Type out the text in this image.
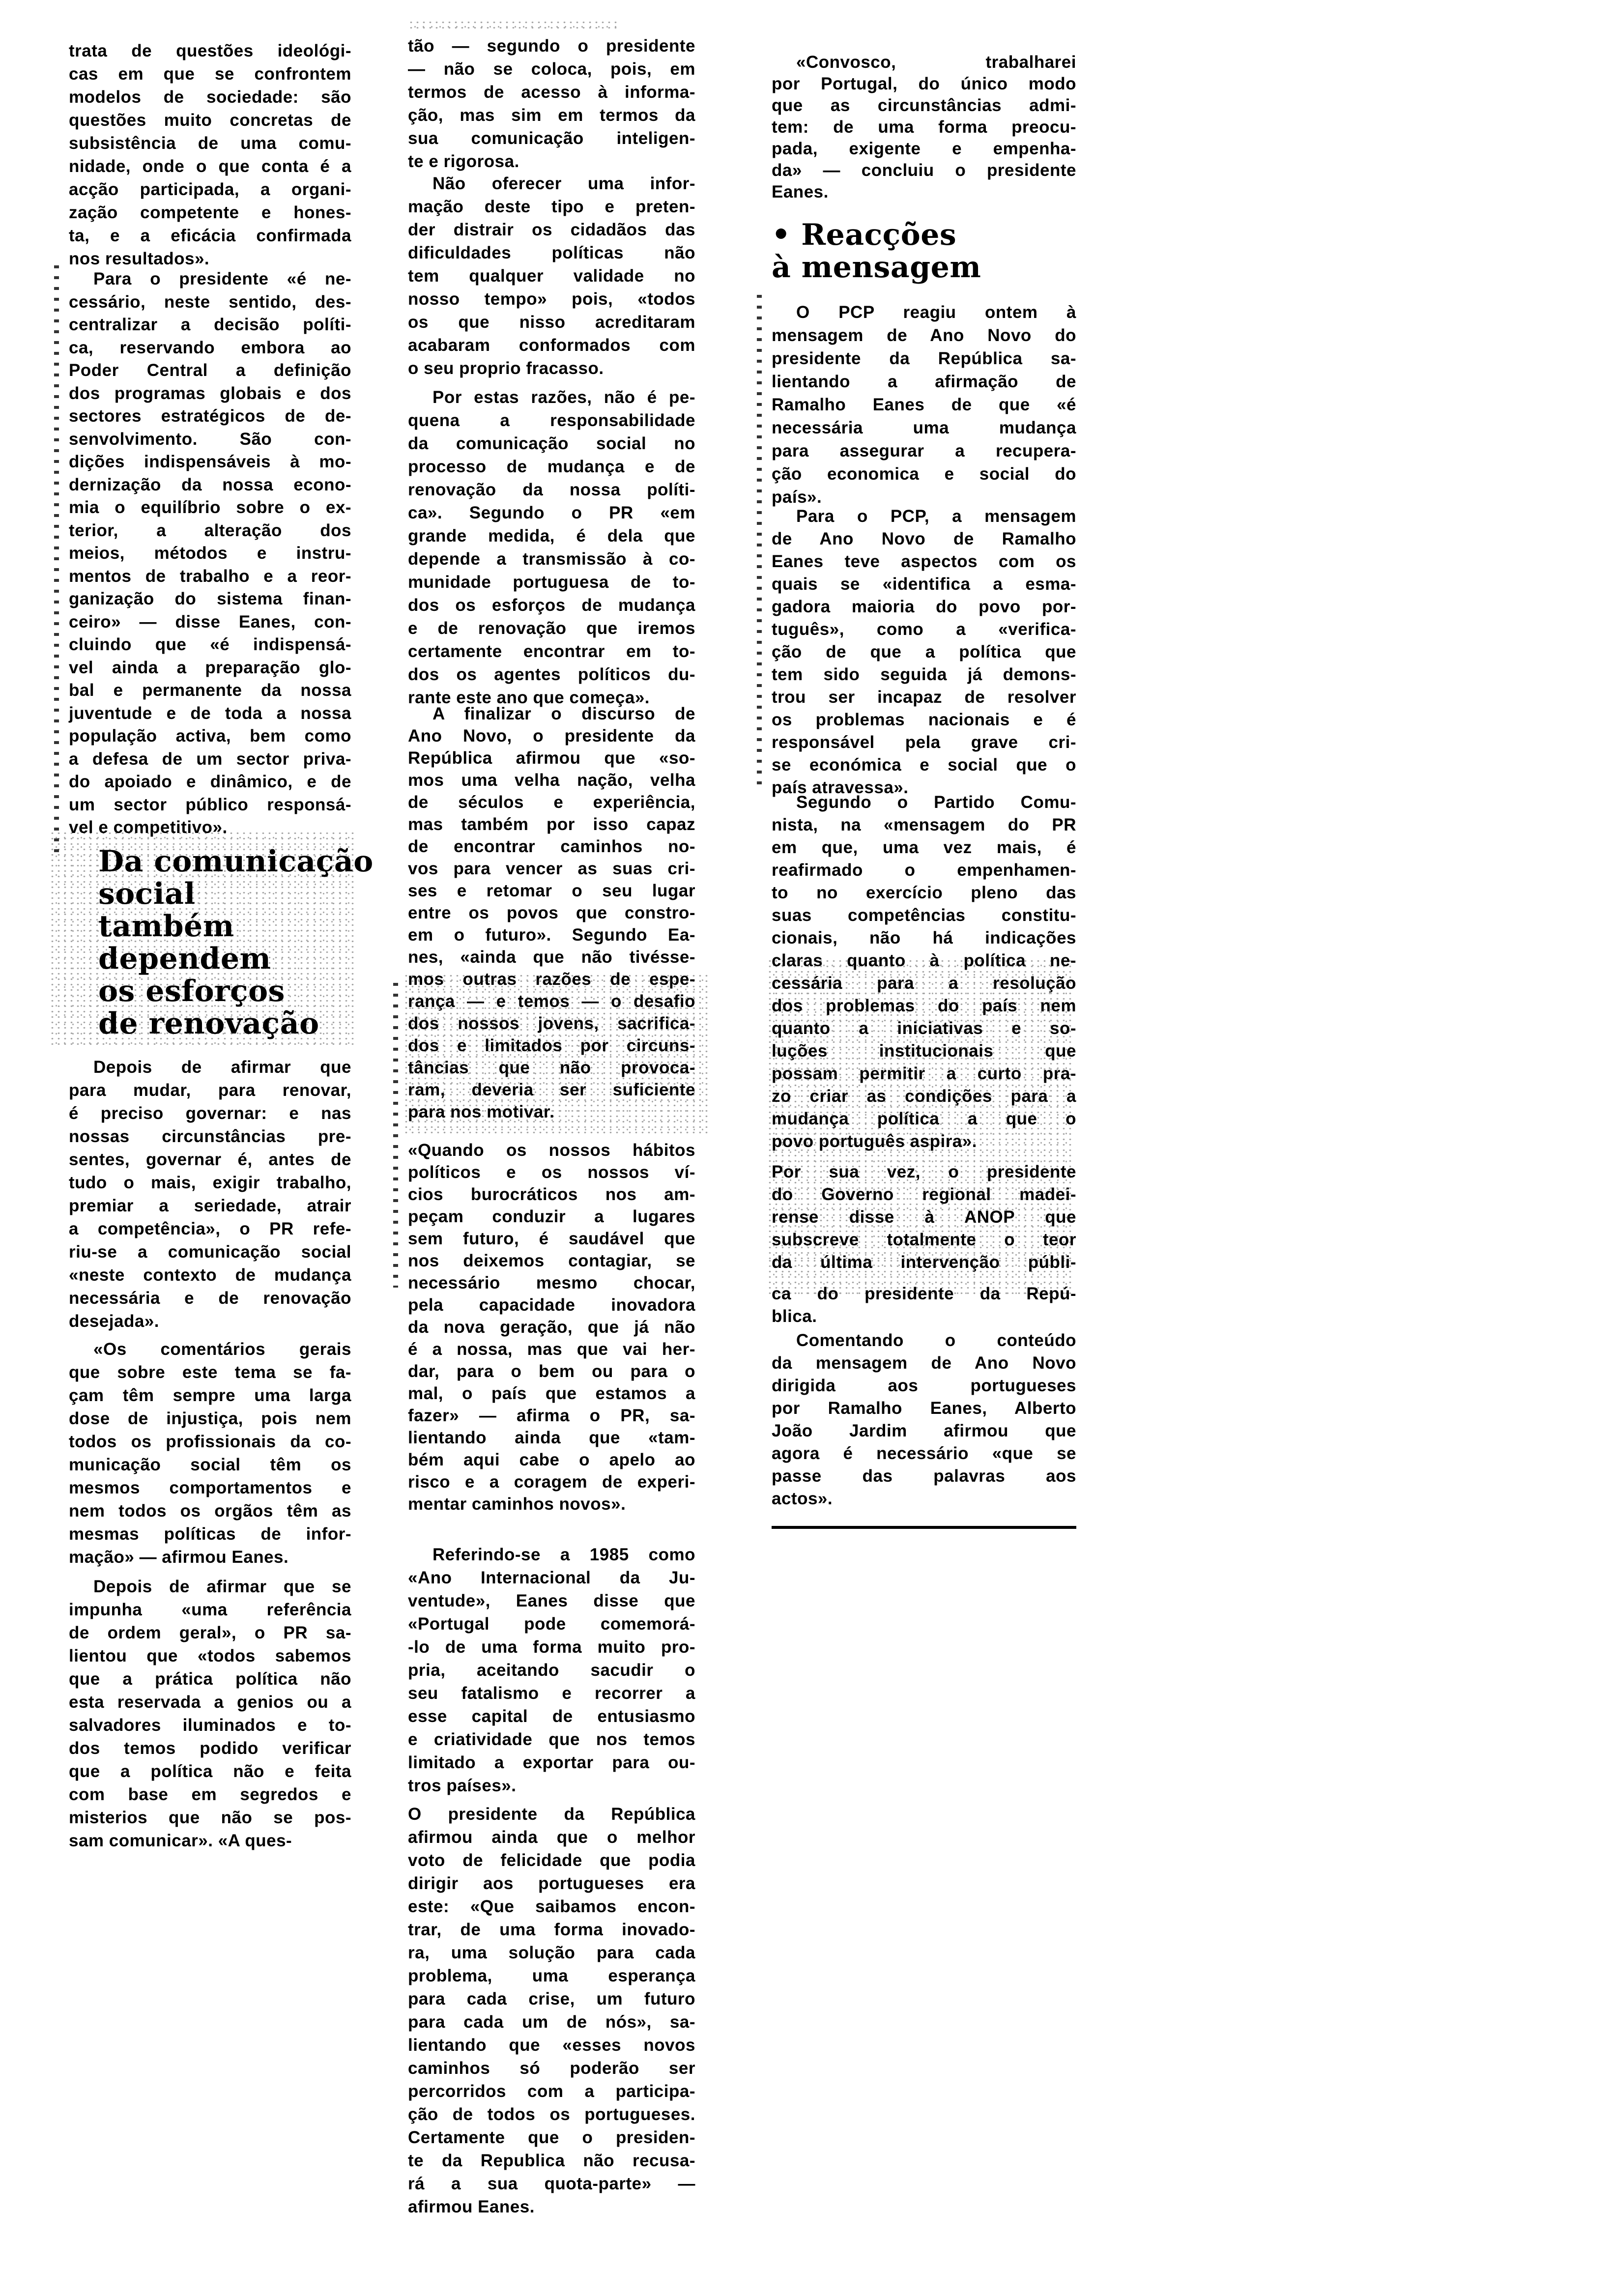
trata de questões ideológi-
cas em que se confrontem
modelos de sociedade: são
questões muito concretas de
subsistência de uma comu-
nidade, onde o que conta é a
acção participada, a organi-
zação competente e hones-
ta, e a eficácia confirmada
nos resultados».
Para o presidente «é ne-
cessário, neste sentido, des-
centralizar a decisão políti-
ca, reservando embora ao
Poder Central a definição
dos programas globais e dos
sectores estratégicos de de-
senvolvimento. São con-
dições indispensáveis à mo-
dernização da nossa econo-
mia o equilíbrio sobre o ex-
terior, a alteração dos
meios, métodos e instru-
mentos de trabalho e a reor-
ganização do sistema finan-
ceiro» — disse Eanes, con-
cluindo que «é indispensá-
vel ainda a preparação glo-
bal e permanente da nossa
juventude e de toda a nossa
população activa, bem como
a defesa de um sector priva-
do apoiado e dinâmico, e de
um sector público responsá-
vel e competitivo».
Da comunicação
social
também
dependem
os esforços
de renovação
Depois de afirmar que
para mudar, para renovar,
é preciso governar: e nas
nossas circunstâncias pre-
sentes, governar é, antes de
tudo o mais, exigir trabalho,
premiar a seriedade, atrair
a competência», o PR refe-
riu-se a comunicação social
«neste contexto de mudança
necessária e de renovação
desejada».
«Os comentários gerais
que sobre este tema se fa-
çam têm sempre uma larga
dose de injustiça, pois nem
todos os profissionais da co-
municação social têm os
mesmos comportamentos e
nem todos os orgãos têm as
mesmas políticas de infor-
mação» — afirmou Eanes.
Depois de afirmar que se
impunha «uma referência
de ordem geral», o PR sa-
lientou que «todos sabemos
que a prática política não
esta reservada a genios ou a
salvadores iluminados e to-
dos temos podido verificar
que a política não e feita
com base em segredos e
misterios que não se pos-
sam comunicar». «A ques-
tão — segundo o presidente
— não se coloca, pois, em
termos de acesso à informa-
ção, mas sim em termos da
sua comunicação inteligen-
te e rigorosa.
Não oferecer uma infor-
mação deste tipo e preten-
der distrair os cidadãos das
dificuldades políticas não
tem qualquer validade no
nosso tempo» pois, «todos
os que nisso acreditaram
acabaram conformados com
o seu proprio fracasso.
Por estas razões, não é pe-
quena a responsabilidade
da comunicação social no
processo de mudança e de
renovação da nossa políti-
ca». Segundo o PR «em
grande medida, é dela que
depende a transmissão à co-
munidade portuguesa de to-
dos os esforços de mudança
e de renovação que iremos
certamente encontrar em to-
dos os agentes políticos du-
rante este ano que começa».
A finalizar o discurso de
Ano Novo, o presidente da
República afirmou que «so-
mos uma velha nação, velha
de séculos e experiência,
mas também por isso capaz
de encontrar caminhos no-
vos para vencer as suas cri-
ses e retomar o seu lugar
entre os povos que constro-
em o futuro». Segundo Ea-
nes, «ainda que não tivésse-
mos outras razões de espe-
rança — e temos — o desafio
dos nossos jovens, sacrifica-
dos e limitados por circuns-
tâncias que não provoca-
ram, deveria ser suficiente
para nos motivar.
«Quando os nossos hábitos
políticos e os nossos ví-
cios burocráticos nos am-
peçam conduzir a lugares
sem futuro, é saudável que
nos deixemos contagiar, se
necessário mesmo chocar,
pela capacidade inovadora
da nova geração, que já não
é a nossa, mas que vai her-
dar, para o bem ou para o
mal, o país que estamos a
fazer» — afirma o PR, sa-
lientando ainda que «tam-
bém aqui cabe o apelo ao
risco e a coragem de experi-
mentar caminhos novos».
Referindo-se a 1985 como
«Ano Internacional da Ju-
ventude», Eanes disse que
«Portugal pode comemorá-
-lo de uma forma muito pro-
pria, aceitando sacudir o
seu fatalismo e recorrer a
esse capital de entusiasmo
e criatividade que nos temos
limitado a exportar para ou-
tros países».
O presidente da República
afirmou ainda que o melhor
voto de felicidade que podia
dirigir aos portugueses era
este: «Que saibamos encon-
trar, de uma forma inovado-
ra, uma solução para cada
problema, uma esperança
para cada crise, um futuro
para cada um de nós», sa-
lientando que «esses novos
caminhos só poderão ser
percorridos com a participa-
ção de todos os portugueses.
Certamente que o presiden-
te da Republica não recusa-
rá a sua quota-parte» —
afirmou Eanes.
«Convosco, trabalharei
por Portugal, do único modo
que as circunstâncias admi-
tem: de uma forma preocu-
pada, exigente e empenha-
da» — concluiu o presidente
Eanes.
• Reacções
à mensagem
O PCP reagiu ontem à
mensagem de Ano Novo do
presidente da República sa-
lientando a afirmação de
Ramalho Eanes de que «é
necessária uma mudança
para assegurar a recupera-
ção economica e social do
país».
Para o PCP, a mensagem
de Ano Novo de Ramalho
Eanes teve aspectos com os
quais se «identifica a esma-
gadora maioria do povo por-
tuguês», como a «verifica-
ção de que a política que
tem sido seguida já demons-
trou ser incapaz de resolver
os problemas nacionais e é
responsável pela grave cri-
se económica e social que o
país atravessa».
Segundo o Partido Comu-
nista, na «mensagem do PR
em que, uma vez mais, é
reafirmado o empenhamen-
to no exercício pleno das
suas competências constitu-
cionais, não há indicações
claras quanto à política ne-
cessária para a resolução
dos problemas do país nem
quanto a iniciativas e so-
luções institucionais que
possam permitir a curto pra-
zo criar as condições para a
mudança política a que o
povo português aspira».
Por sua vez, o presidente
do Governo regional madei-
rense disse à ANOP que
subscreve totalmente o teor
da última intervenção públi-
ca do presidente da Repú-
blica.
Comentando o conteúdo
da mensagem de Ano Novo
dirigida aos portugueses
por Ramalho Eanes, Alberto
João Jardim afirmou que
agora é necessário «que se
passe das palavras aos
actos».
